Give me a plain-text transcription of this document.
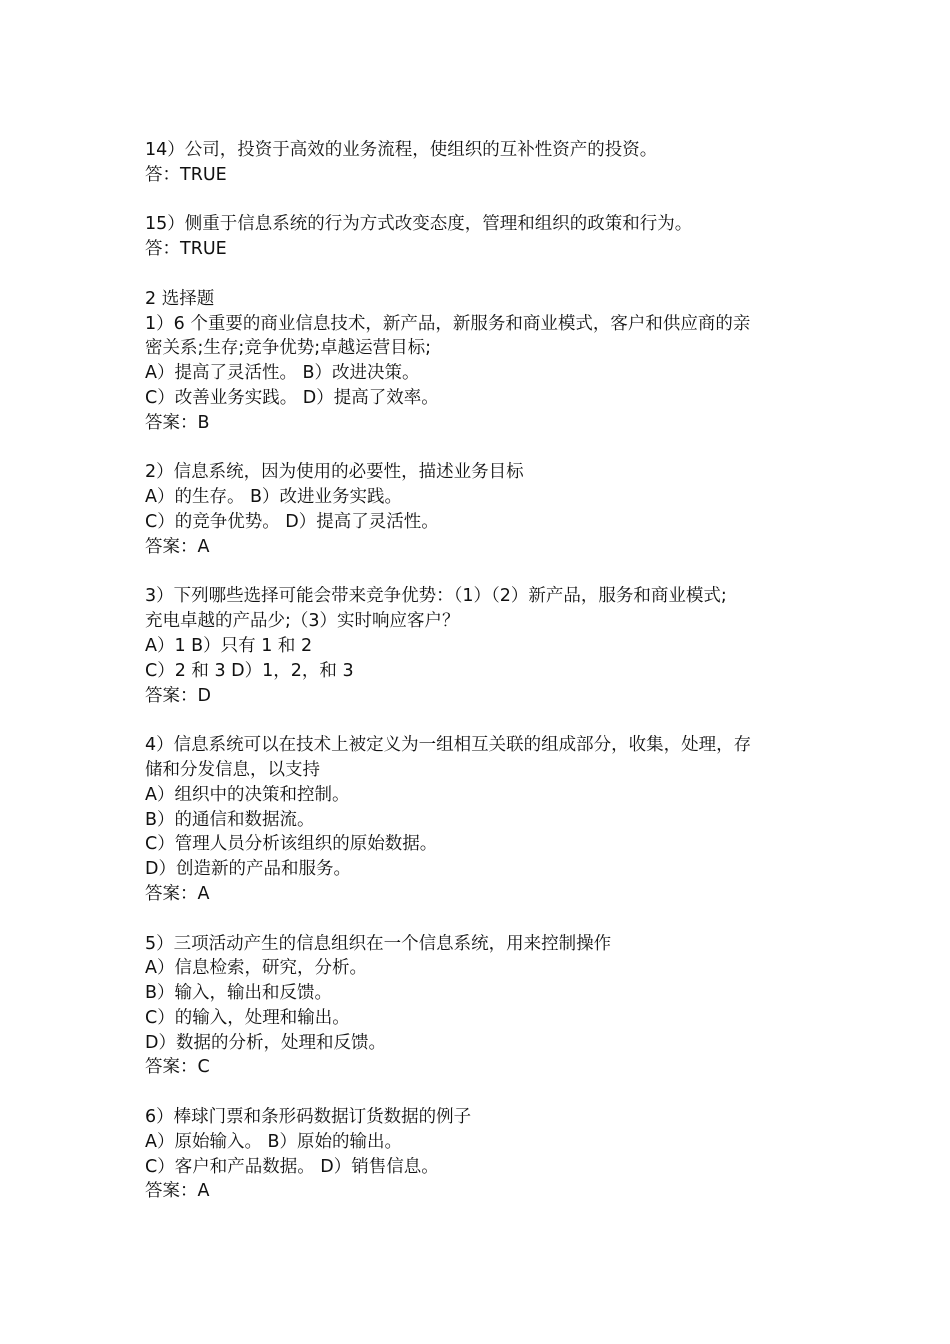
14）公司，投资于高效的业务流程，使组织的互补性资产的投资。
答：TRUE
15）侧重于信息系统的行为方式改变态度，管理和组织的政策和行为。
答：TRUE
2 选择题
1）6 个重要的商业信息技术，新产品，新服务和商业模式，客户和供应商的亲
密关系;生存;竞争优势;卓越运营目标;
A）提高了灵活性。 B）改进决策。
C）改善业务实践。 D）提高了效率。
答案：B
2）信息系统，因为使用的必要性，描述业务目标
A）的生存。 B）改进业务实践。
C）的竞争优势。 D）提高了灵活性。
答案：A
3）下列哪些选择可能会带来竞争优势：（1）（2）新产品，服务和商业模式;
充电卓越的产品少;（3）实时响应客户？
A）1 B）只有 1 和 2
C）2 和 3 D）1，2，和 3
答案：D
4）信息系统可以在技术上被定义为一组相互关联的组成部分，收集，处理，存
储和分发信息，以支持
A）组织中的决策和控制。
B）的通信和数据流。
C）管理人员分析该组织的原始数据。
D）创造新的产品和服务。
答案：A
5）三项活动产生的信息组织在一个信息系统，用来控制操作
A）信息检索，研究，分析。
B）输入，输出和反馈。
C）的输入，处理和输出。
D）数据的分析，处理和反馈。
答案：C
6）棒球门票和条形码数据订货数据的例子
A）原始输入。 B）原始的输出。
C）客户和产品数据。 D）销售信息。
答案：A
